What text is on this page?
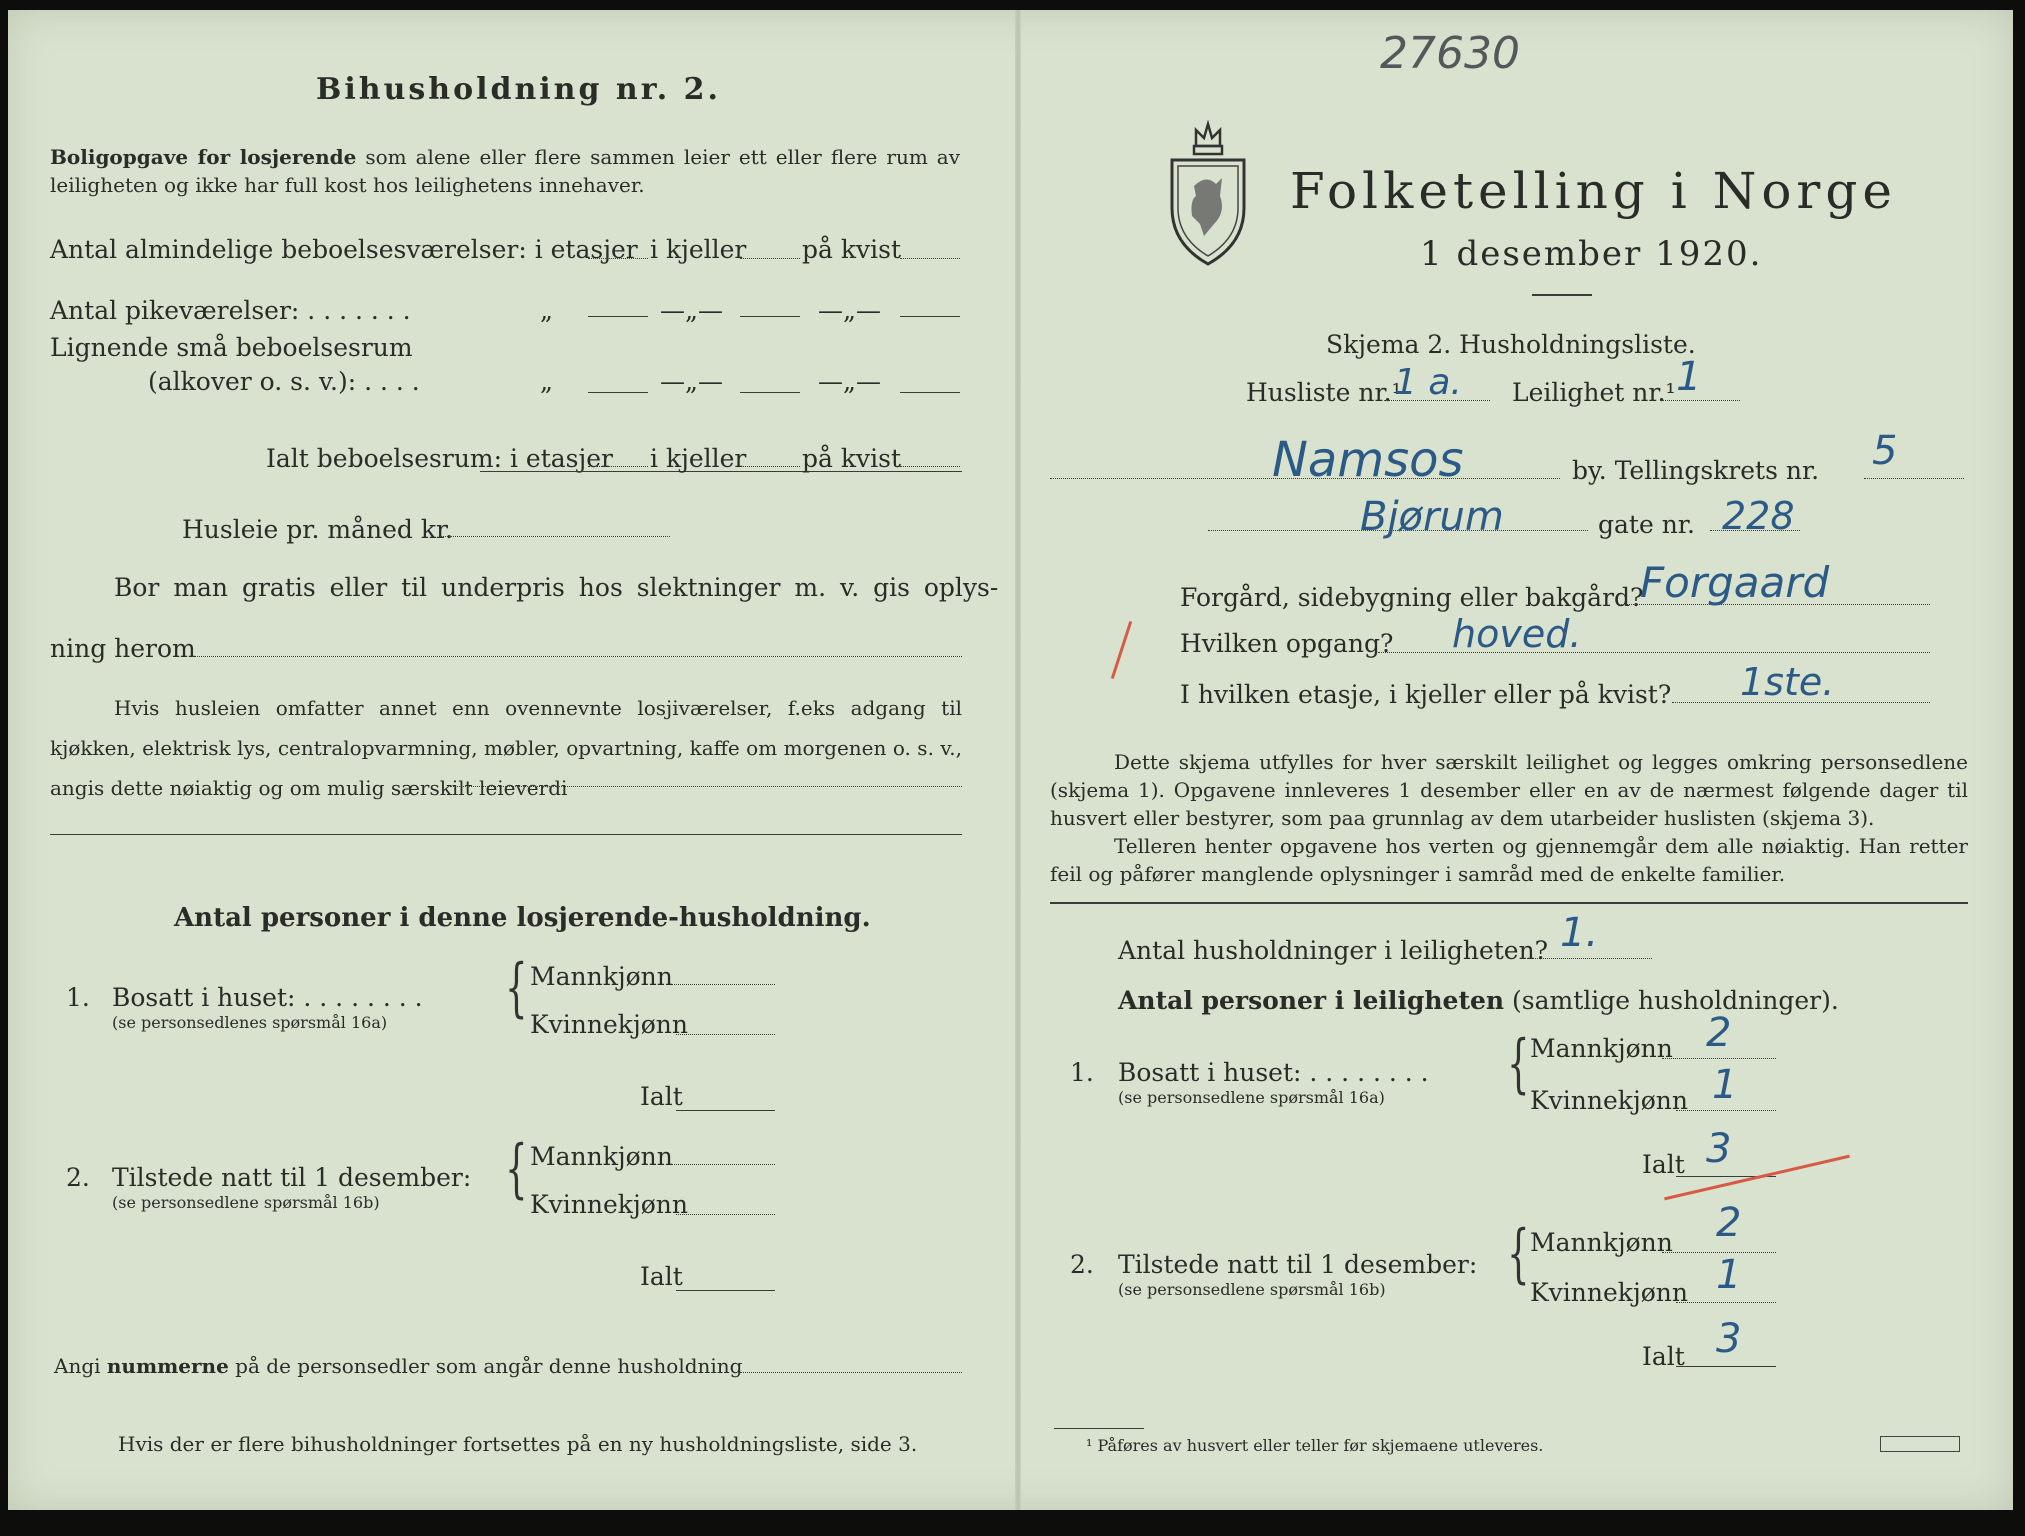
Bihusholdning nr. 2.
Boligopgave for losjerende som alene eller flere sammen leier ett eller flere rum av leiligheten og ikke har full kost hos leilighetens innehaver.
Antal almindelige beboelsesværelser: i etasjer i kjeller på kvist
Antal pikeværelser: . . . . . . .	„	—„—	—„—
Lignende små beboelsesrum
(alkover o. s. v.): . . . .	„	—„—	—„—
Ialt beboelsesrum: i etasjer i kjeller på kvist
Husleie pr. måned kr.
Bor man gratis eller til underpris hos slektninger m. v. gis oplys-
ning herom
Hvis husleien omfatter annet enn ovennevnte losjiværelser, f.eks adgang til kjøkken, elektrisk lys, centralopvarmning, møbler, opvartning, kaffe om morgenen o. s. v., angis dette nøiaktig og om mulig særskilt leieverdi
Antal personer i denne losjerende-husholdning.
1. Bosatt i huset: . . . . . . . .
(se personsedlenes spørsmål 16a) { Mannkjønn
Kvinnekjønn
Ialt
2. Tilstede natt til 1 desember:
(se personsedlene spørsmål 16b) { Mannkjønn
Kvinnekjønn
Ialt
Angi nummerne på de personsedler som angår denne husholdning
Hvis der er flere bihusholdninger fortsettes på en ny husholdningsliste, side 3.
27630
Folketelling i Norge
1 desember 1920.
Skjema 2. Husholdningsliste.
Husliste nr.¹
1 a. Leilighet nr.¹ 1
Namsos	by. Tellingskrets nr. 5
Bjørum	gate nr. 228
Forgård, sidebygning eller bakgård?
Forgaard
Hvilken opgang? hoved.
I hvilken etasje, i kjeller eller på kvist? 1ste.
Dette skjema utfylles for hver særskilt leilighet og legges omkring personsedlene (skjema 1). Opgavene innleveres 1 desember eller en av de nærmest følgende dager til husvert eller bestyrer, som paa grunnlag av dem utarbeider huslisten (skjema 3).
Telleren henter opgavene hos verten og gjennemgår dem alle nøiaktig. Han retter feil og påfører manglende oplysninger i samråd med de enkelte familier.
Antal husholdninger i leiligheten? 1.
Antal personer i leiligheten (samtlige husholdninger).
1. Bosatt i huset: . . . . . . . .
(se personsedlene spørsmål 16a) { Mannkjønn 2
Kvinnekjønn 1
Ialt 3
2. Tilstede natt til 1 desember:
(se personsedlene spørsmål 16b) { Mannkjønn 2
Kvinnekjønn 1
Ialt 3
¹ Påføres av husvert eller teller før skjemaene utleveres.
